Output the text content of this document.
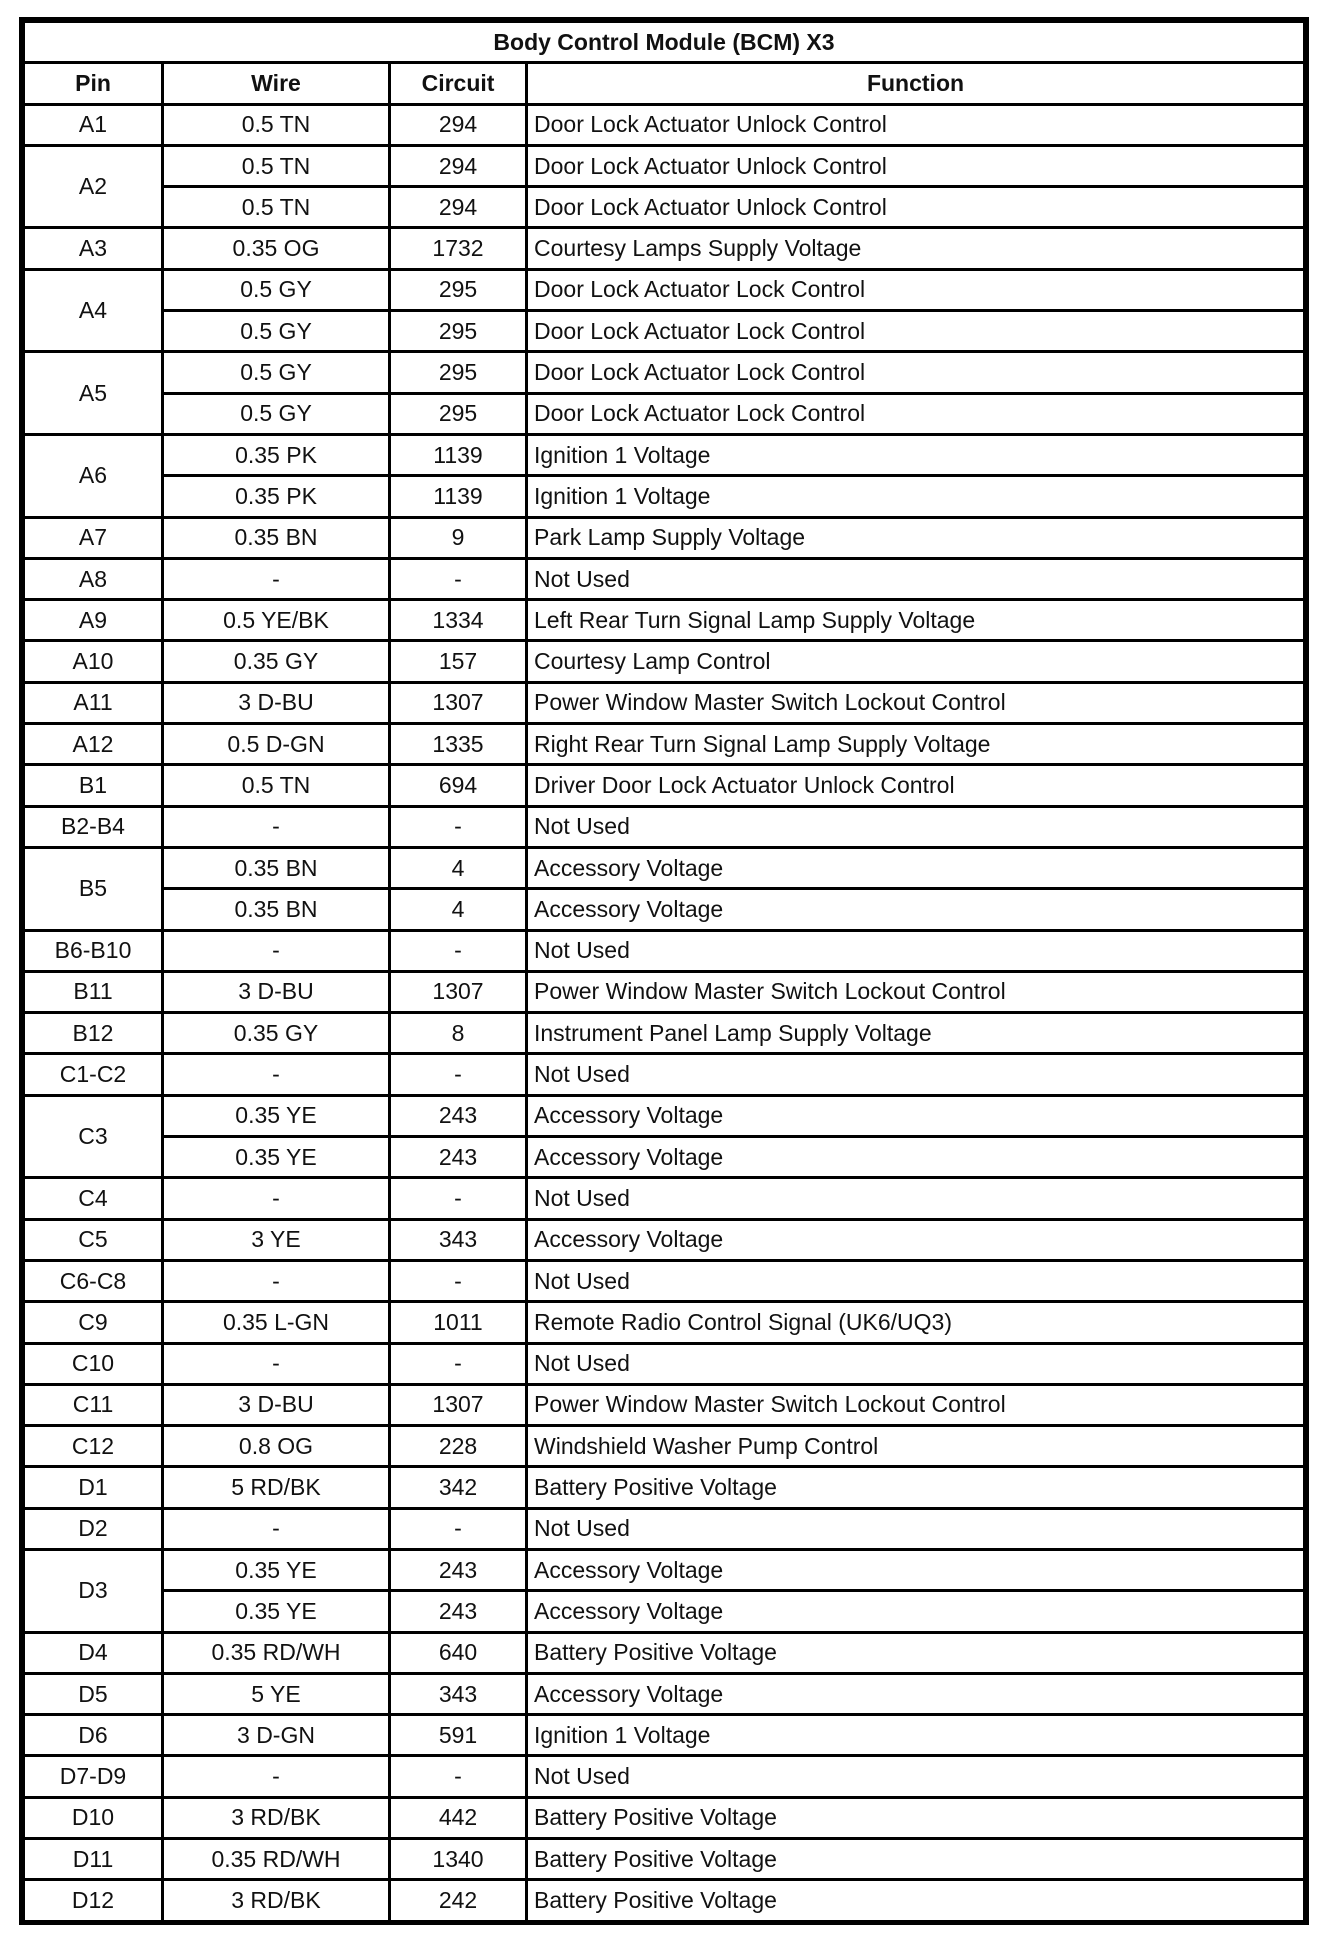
Body Control Module (BCM) X3			
Pin	Wire	Circuit	Function
A1	0.5 TN	294	Door Lock Actuator Unlock Control
A2	0.5 TN	294	Door Lock Actuator Unlock Control
	0.5 TN	294	Door Lock Actuator Unlock Control
A3	0.35 OG	1732	Courtesy Lamps Supply Voltage
A4	0.5 GY	295	Door Lock Actuator Lock Control
	0.5 GY	295	Door Lock Actuator Lock Control
A5	0.5 GY	295	Door Lock Actuator Lock Control
	0.5 GY	295	Door Lock Actuator Lock Control
A6	0.35 PK	1139	Ignition 1 Voltage
	0.35 PK	1139	Ignition 1 Voltage
A7	0.35 BN	9	Park Lamp Supply Voltage
A8	-	-	Not Used
A9	0.5 YE/BK	1334	Left Rear Turn Signal Lamp Supply Voltage
A10	0.35 GY	157	Courtesy Lamp Control
A11	3 D-BU	1307	Power Window Master Switch Lockout Control
A12	0.5 D-GN	1335	Right Rear Turn Signal Lamp Supply Voltage
B1	0.5 TN	694	Driver Door Lock Actuator Unlock Control
B2-B4	-	-	Not Used
B5	0.35 BN	4	Accessory Voltage
	0.35 BN	4	Accessory Voltage
B6-B10	-	-	Not Used
B11	3 D-BU	1307	Power Window Master Switch Lockout Control
B12	0.35 GY	8	Instrument Panel Lamp Supply Voltage
C1-C2	-	-	Not Used
C3	0.35 YE	243	Accessory Voltage
	0.35 YE	243	Accessory Voltage
C4	-	-	Not Used
C5	3 YE	343	Accessory Voltage
C6-C8	-	-	Not Used
C9	0.35 L-GN	1011	Remote Radio Control Signal (UK6/UQ3)
C10	-	-	Not Used
C11	3 D-BU	1307	Power Window Master Switch Lockout Control
C12	0.8 OG	228	Windshield Washer Pump Control
D1	5 RD/BK	342	Battery Positive Voltage
D2	-	-	Not Used
D3	0.35 YE	243	Accessory Voltage
	0.35 YE	243	Accessory Voltage
D4	0.35 RD/WH	640	Battery Positive Voltage
D5	5 YE	343	Accessory Voltage
D6	3 D-GN	591	Ignition 1 Voltage
D7-D9	-	-	Not Used
D10	3 RD/BK	442	Battery Positive Voltage
D11	0.35 RD/WH	1340	Battery Positive Voltage
D12	3 RD/BK	242	Battery Positive Voltage
